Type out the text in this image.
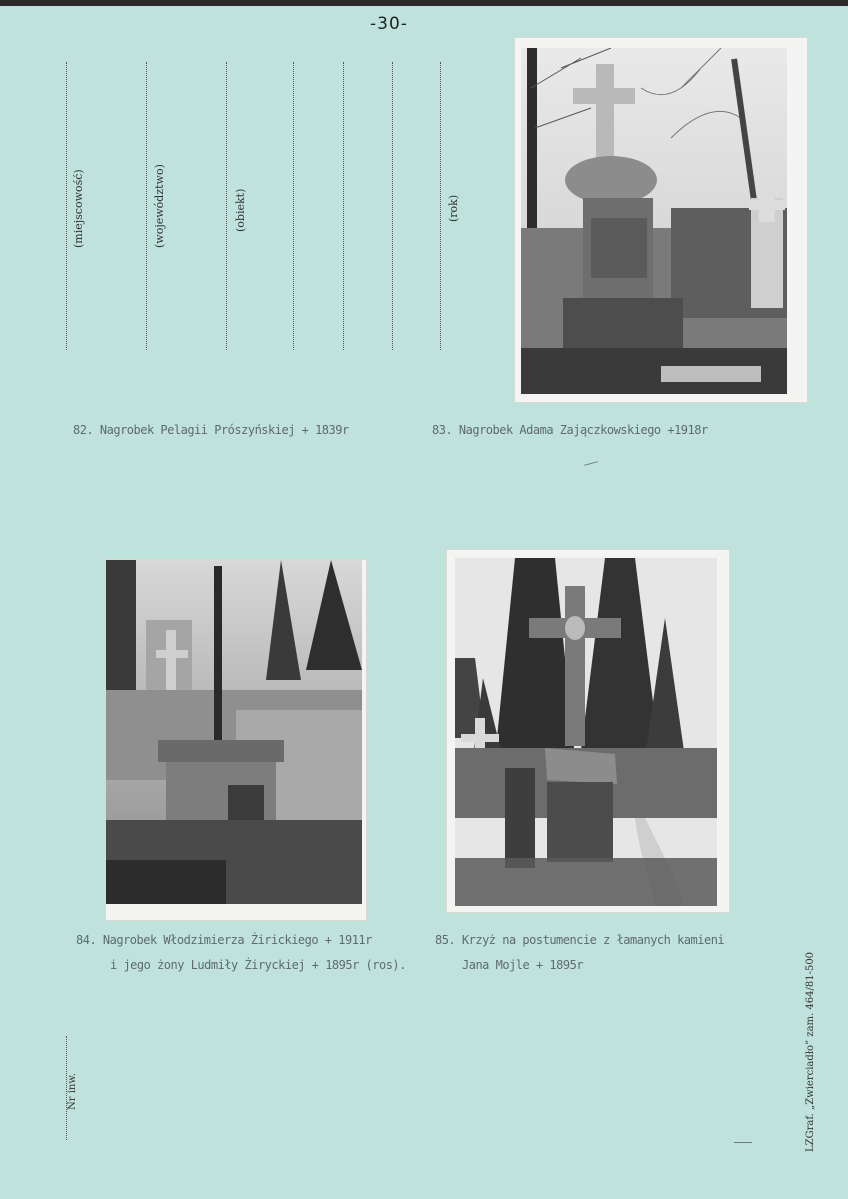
-30-
(miejscowość)	(województwo)	(obiekt)	(rok)
82. Nagrobek Pelagii Prószyńskiej + 1839r	83. Nagrobek Adama Zajączkowskiego +1918r
84. Nagrobek Włodzimierza Żirickiego + 1911r
i jego żony Ludmiły Żiryckiej + 1895r (ros).
85. Krzyż na postumencie z łamanych kamieni
Jana Mojle + 1895r
Nr inw.	LZGraf. „Zwierciadło” zam. 464/81-500
